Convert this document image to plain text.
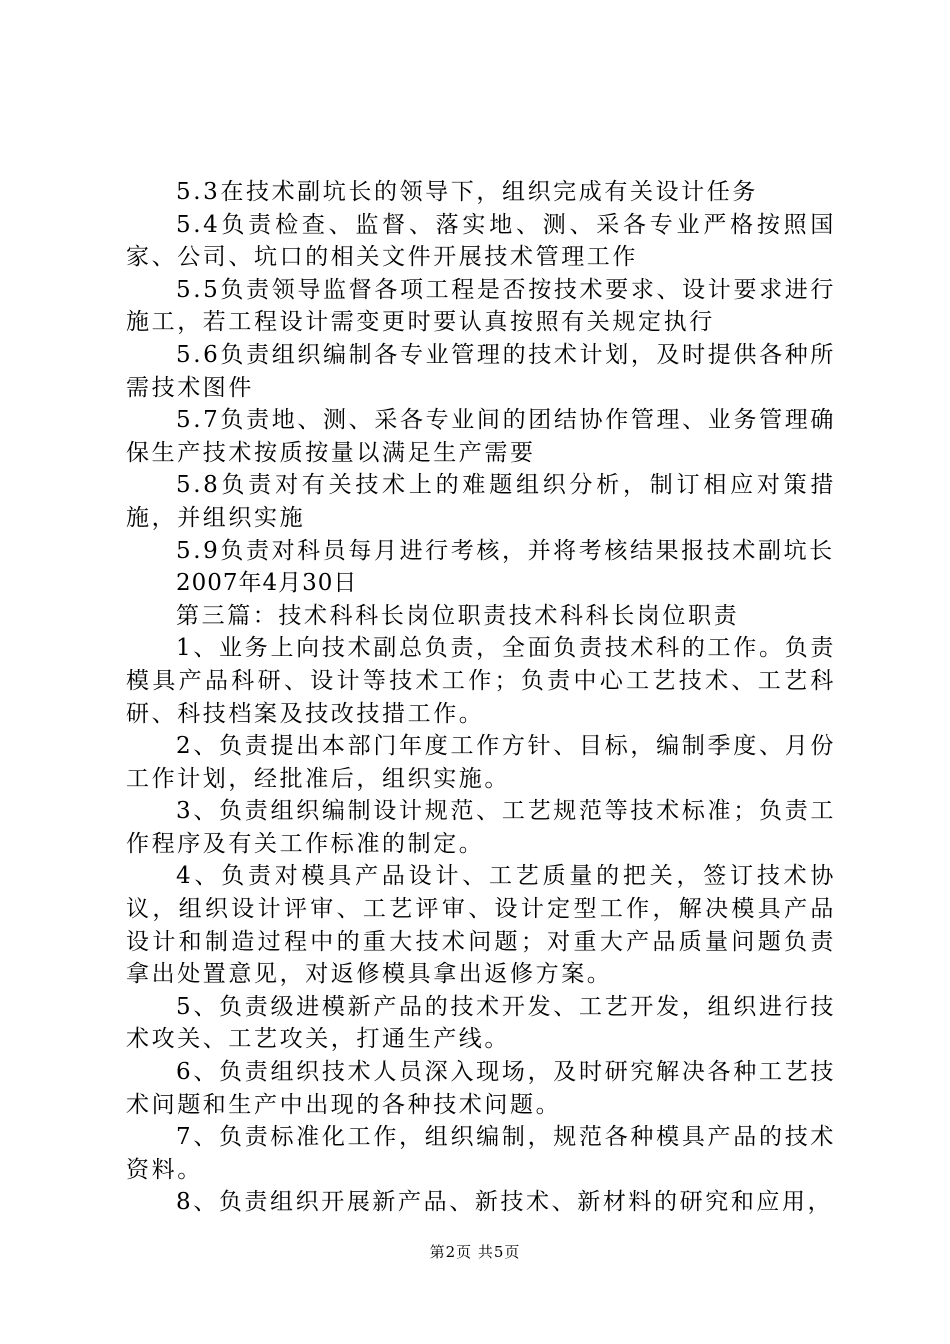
5.3在技术副坑长的领导下，组织完成有关设计任务

5.4负责检查、监督、落实地、测、采各专业严格按照国家、公司、坑口的相关文件开展技术管理工作

5.5负责领导监督各项工程是否按技术要求、设计要求进行施工，若工程设计需变更时要认真按照有关规定执行

5.6负责组织编制各专业管理的技术计划，及时提供各种所需技术图件

5.7负责地、测、采各专业间的团结协作管理、业务管理确保生产技术按质按量以满足生产需要

5.8负责对有关技术上的难题组织分析，制订相应对策措施，并组织实施

5.9负责对科员每月进行考核，并将考核结果报技术副坑长

2007年4月30日

第三篇：技术科科长岗位职责技术科科长岗位职责

1、业务上向技术副总负责，全面负责技术科的工作。负责模具产品科研、设计等技术工作；负责中心工艺技术、工艺科研、科技档案及技改技措工作。

2、负责提出本部门年度工作方针、目标，编制季度、月份工作计划，经批准后，组织实施。

3、负责组织编制设计规范、工艺规范等技术标准；负责工作程序及有关工作标准的制定。

4、负责对模具产品设计、工艺质量的把关，签订技术协议，组织设计评审、工艺评审、设计定型工作，解决模具产品设计和制造过程中的重大技术问题；对重大产品质量问题负责拿出处置意见，对返修模具拿出返修方案。

5、负责级进模新产品的技术开发、工艺开发，组织进行技术攻关、工艺攻关，打通生产线。

6、负责组织技术人员深入现场，及时研究解决各种工艺技术问题和生产中出现的各种技术问题。

7、负责标准化工作，组织编制，规范各种模具产品的技术资料。

8、负责组织开展新产品、新技术、新材料的研究和应用，

第2页 共5页
